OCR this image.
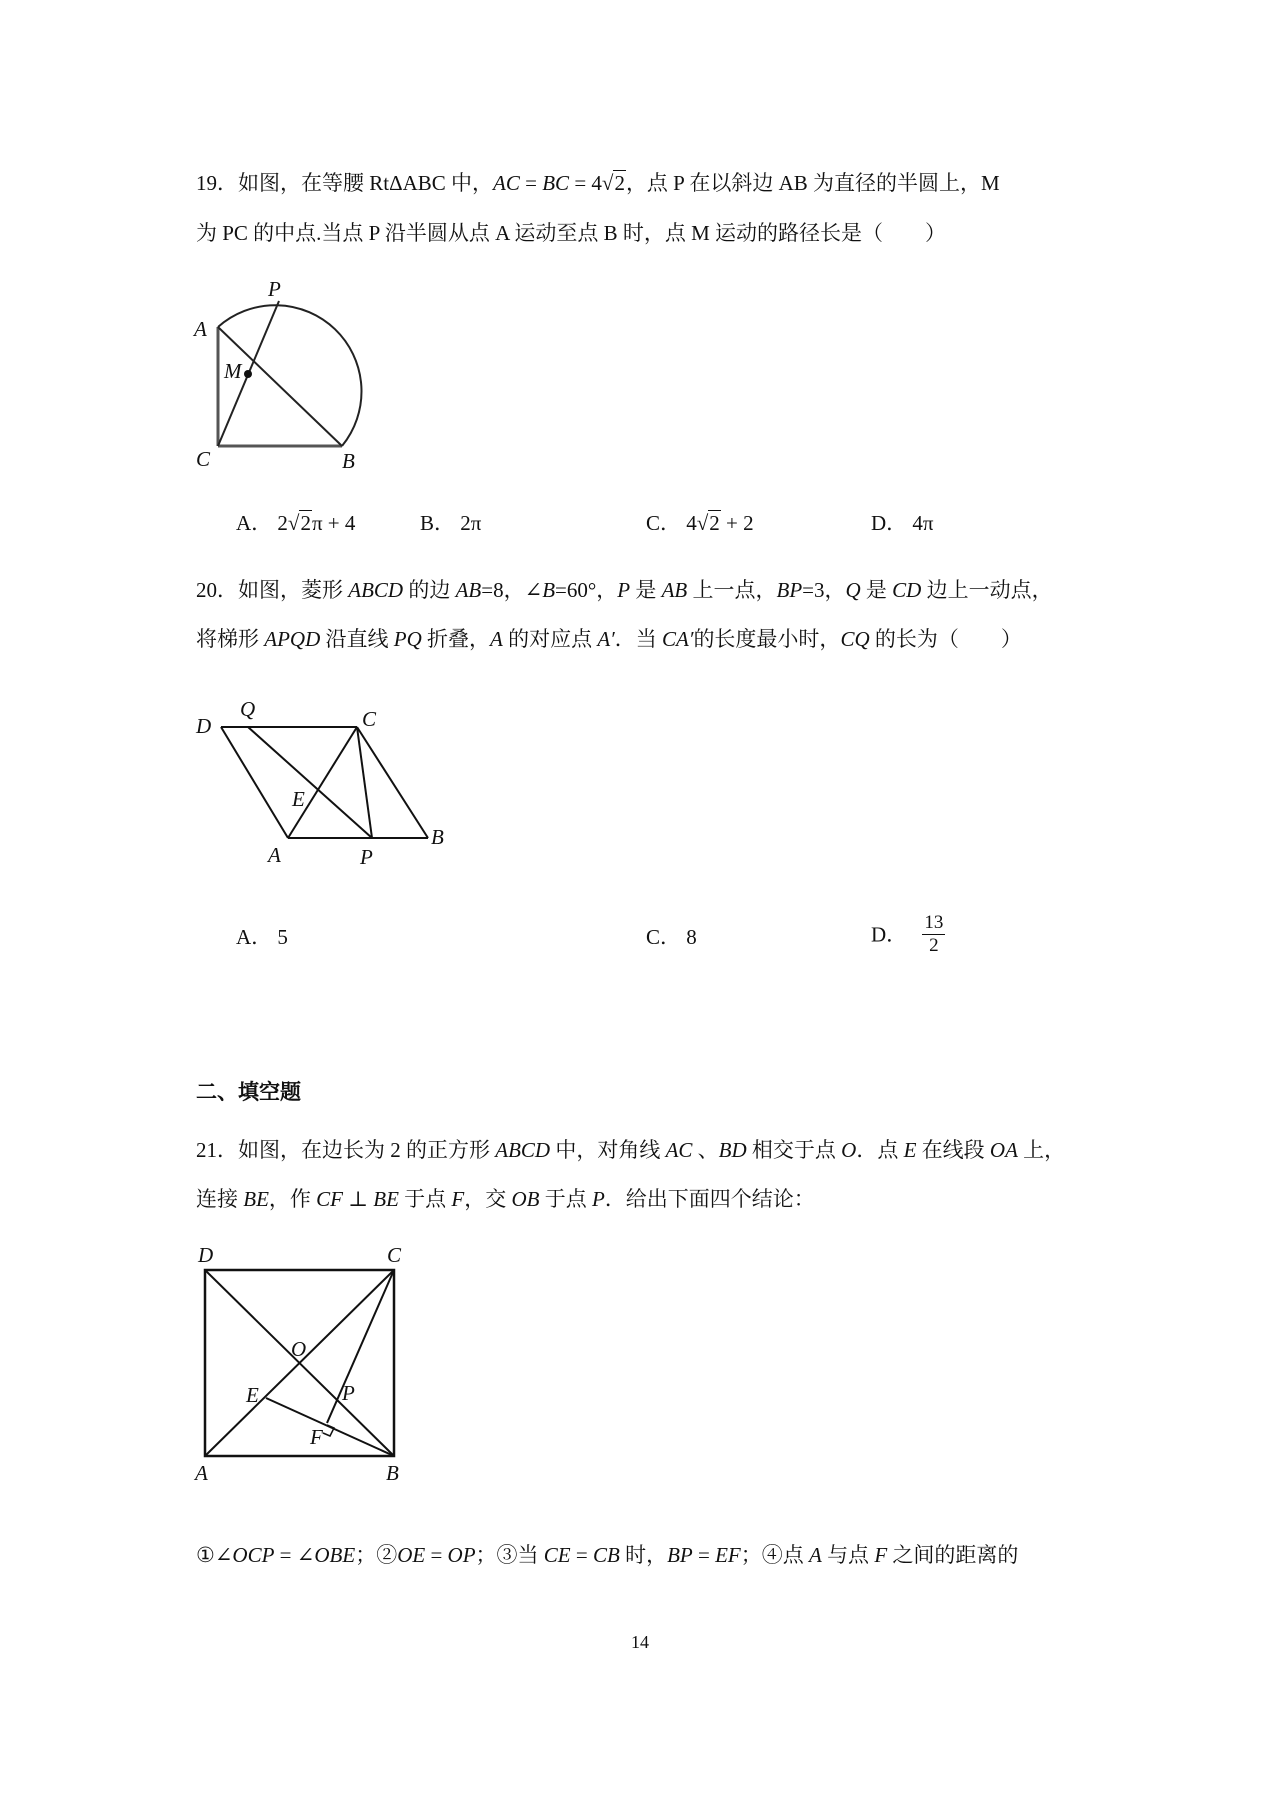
19．如图，在等腰 RtΔABC 中，AC = BC = 4√2，点 P 在以斜边 AB 为直径的半圆上，M
为 PC 的中点.当点 P 沿半圆从点 A 运动至点 B 时，点 M 运动的路径长是（　　）
P
A
M
C	B
D
Q	C
E
A	P
B
D	C
O
E	P
F
A	B
A． 2√2π + 4	B． 2π	C． 4√2 + 2	D． 4π
20．如图，菱形 ABCD 的边 AB=8，∠B=60°，P 是 AB 上一点，BP=3，Q 是 CD 边上一动点，
将梯形 APQD 沿直线 PQ 折叠，A 的对应点 A′．当 CA′的长度最小时，CQ 的长为（　　）
A． 5	C． 8	D． $\frac{13}{2}$
二、填空题
21．如图，在边长为 2 的正方形 ABCD 中，对角线 AC 、BD 相交于点 O．点 E 在线段 OA 上，
连接 BE，作 CF ⊥ BE 于点 F，交 OB 于点 P．给出下面四个结论：
①∠OCP = ∠OBE；②OE = OP；③当 CE = CB 时，BP = EF；④点 A 与点 F 之间的距离的
14
